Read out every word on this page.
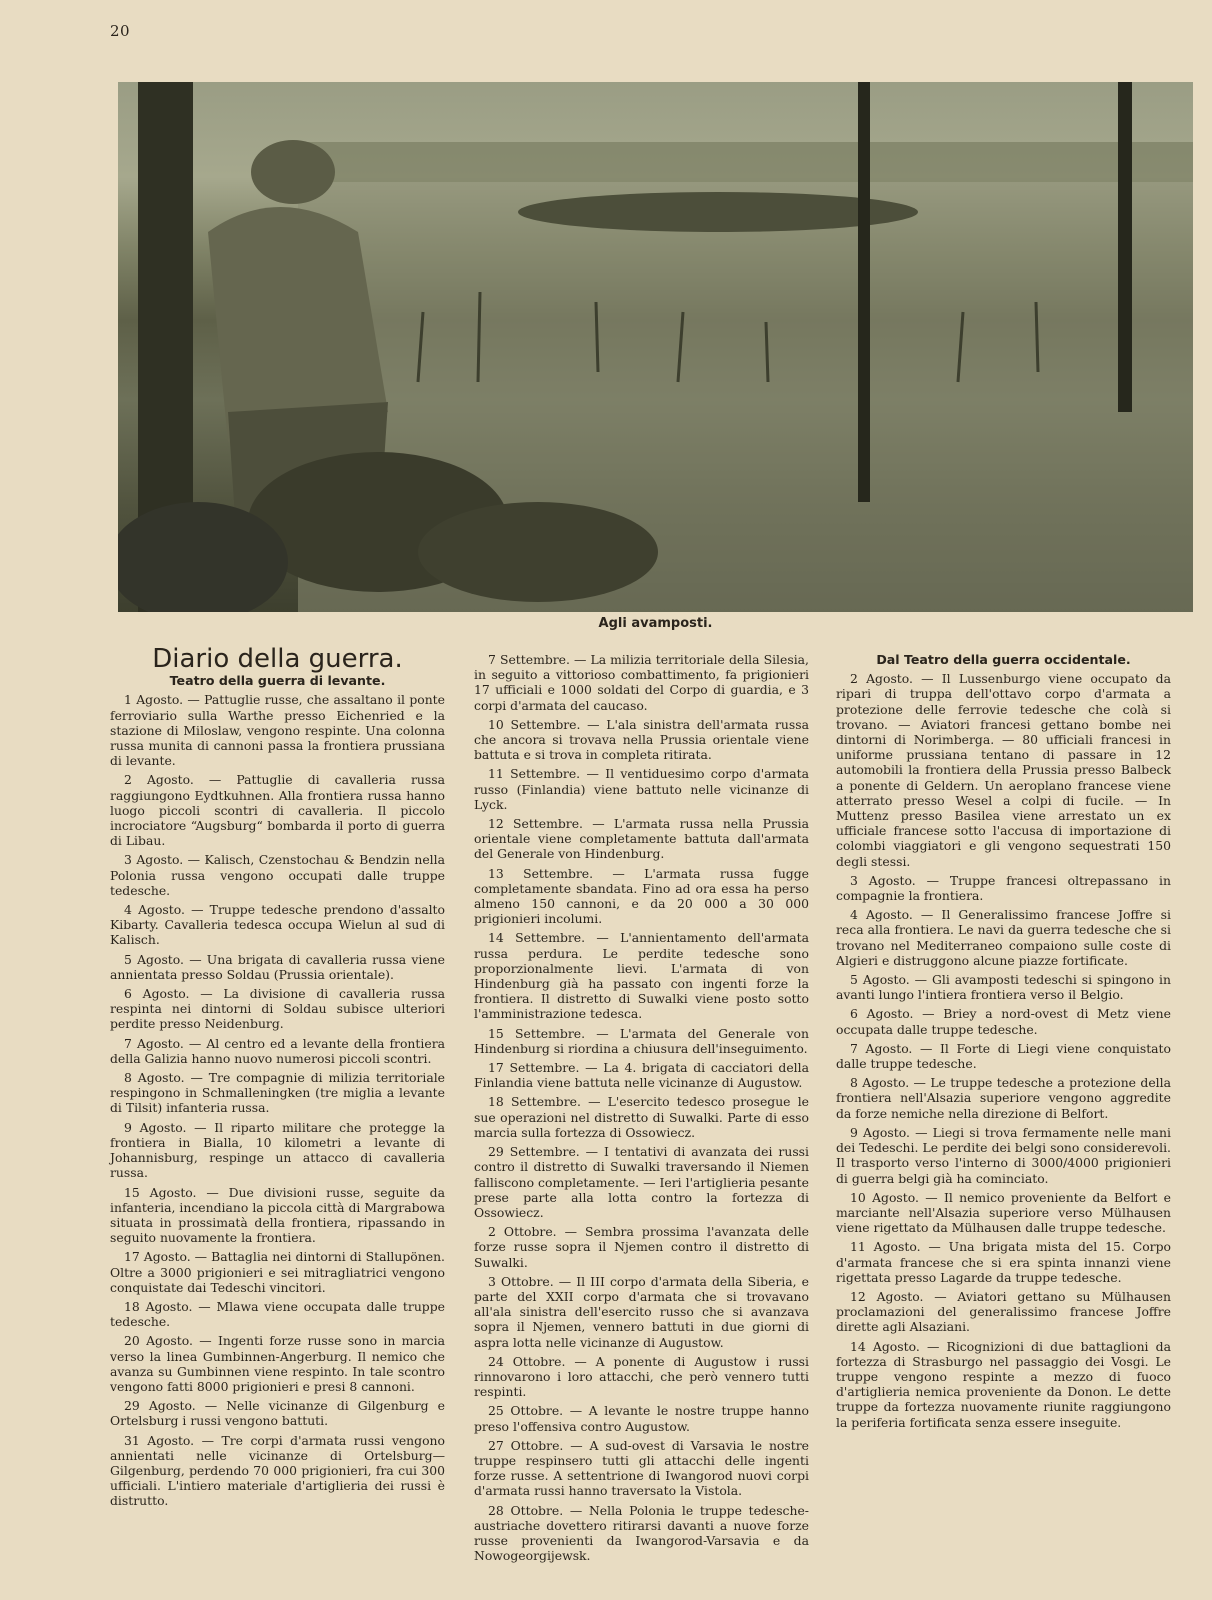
20
Agli avamposti.
Diario della guerra.
Teatro della guerra di levante.

1 Agosto. — Pattuglie russe, che assaltano il ponte ferroviario sulla Warthe presso Eichenried e la stazione di Miloslaw, vengono respinte. Una colonna russa munita di cannoni passa la frontiera prussiana di levante.

2 Agosto. — Pattuglie di cavalleria russa raggiungono Eydtkuhnen. Alla frontiera russa hanno luogo piccoli scontri di cavalleria. Il piccolo incrociatore “Augsburg“ bombarda il porto di guerra di Libau.

3 Agosto. — Kalisch, Czenstochau & Bendzin nella Polonia russa vengono occupati dalle truppe tedesche.

4 Agosto. — Truppe tedesche prendono d'assalto Kibarty. Cavalleria tedesca occupa Wielun al sud di Kalisch.

5 Agosto. — Una brigata di cavalleria russa viene annientata presso Soldau (Prussia orientale).

6 Agosto. — La divisione di cavalleria russa respinta nei dintorni di Soldau subisce ulteriori perdite presso Neidenburg.

7 Agosto. — Al centro ed a levante della frontiera della Galizia hanno nuovo numerosi piccoli scontri.

8 Agosto. — Tre compagnie di milizia territoriale respingono in Schmalleningken (tre miglia a levante di Tilsit) infanteria russa.

9 Agosto. — Il riparto militare che protegge la frontiera in Bialla, 10 kilometri a levante di Johannisburg, respinge un attacco di cavalleria russa.

15 Agosto. — Due divisioni russe, seguite da infanteria, incendiano la piccola città di Margrabowa situata in prossimatà della frontiera, ripassando in seguito nuovamente la frontiera.

17 Agosto. — Battaglia nei dintorni di Stallupönen. Oltre a 3000 prigionieri e sei mitragliatrici vengono conquistate dai Tedeschi vincitori.

18 Agosto. — Mlawa viene occupata dalle truppe tedesche.

20 Agosto. — Ingenti forze russe sono in marcia verso la linea Gumbinnen-Angerburg. Il nemico che avanza su Gumbinnen viene respinto. In tale scontro vengono fatti 8000 prigionieri e presi 8 cannoni.

29 Agosto. — Nelle vicinanze di Gilgenburg e Ortelsburg i russi vengono battuti.

31 Agosto. — Tre corpi d'armata russi vengono annientati nelle vicinanze di Ortelsburg—Gilgenburg, perdendo 70 000 prigionieri, fra cui 300 ufficiali. L'intiero materiale d'artiglieria dei russi è distrutto.

7 Settembre. — La milizia territoriale della Silesia, in seguito a vittorioso combattimento, fa prigionieri 17 ufficiali e 1000 soldati del Corpo di guardia, e 3 corpi d'armata del caucaso.

10 Settembre. — L'ala sinistra dell'armata russa che ancora si trovava nella Prussia orientale viene battuta e si trova in completa ritirata.

11 Settembre. — Il ventiduesimo corpo d'armata russo (Finlandia) viene battuto nelle vicinanze di Lyck.

12 Settembre. — L'armata russa nella Prussia orientale viene completamente battuta dall'armata del Generale von Hindenburg.

13 Settembre. — L'armata russa fugge completamente sbandata. Fino ad ora essa ha perso almeno 150 cannoni, e da 20 000 a 30 000 prigionieri incolumi.

14 Settembre. — L'annientamento dell'armata russa perdura. Le perdite tedesche sono proporzionalmente lievi. L'armata di von Hindenburg già ha passato con ingenti forze la frontiera. Il distretto di Suwalki viene posto sotto l'amministrazione tedesca.

15 Settembre. — L'armata del Generale von Hindenburg si riordina a chiusura dell'inseguimento.

17 Settembre. — La 4. brigata di cacciatori della Finlandia viene battuta nelle vicinanze di Augustow.

18 Settembre. — L'esercito tedesco prosegue le sue operazioni nel distretto di Suwalki. Parte di esso marcia sulla fortezza di Ossowiecz.

29 Settembre. — I tentativi di avanzata dei russi contro il distretto di Suwalki traversando il Niemen falliscono completamente. — Ieri l'artiglieria pesante prese parte alla lotta contro la fortezza di Ossowiecz.

2 Ottobre. — Sembra prossima l'avanzata delle forze russe sopra il Njemen contro il distretto di Suwalki.

3 Ottobre. — Il III corpo d'armata della Siberia, e parte del XXII corpo d'armata che si trovavano all'ala sinistra dell'esercito russo che si avanzava sopra il Njemen, vennero battuti in due giorni di aspra lotta nelle vicinanze di Augustow.

24 Ottobre. — A ponente di Augustow i russi rinnovarono i loro attacchi, che però vennero tutti respinti.

25 Ottobre. — A levante le nostre truppe hanno preso l'offensiva contro Augustow.

27 Ottobre. — A sud-ovest di Varsavia le nostre truppe respinsero tutti gli attacchi delle ingenti forze russe. A settentrione di Iwangorod nuovi corpi d'armata russi hanno traversato la Vistola.

28 Ottobre. — Nella Polonia le truppe tedesche-austriache dovettero ritirarsi davanti a nuove forze russe provenienti da Iwangorod-Varsavia e da Nowogeorgijewsk.

Dal Teatro della guerra occidentale.

2 Agosto. — Il Lussenburgo viene occupato da ripari di truppa dell'ottavo corpo d'armata a protezione delle ferrovie tedesche che colà si trovano. — Aviatori francesi gettano bombe nei dintorni di Norimberga. — 80 ufficiali francesi in uniforme prussiana tentano di passare in 12 automobili la frontiera della Prussia presso Balbeck a ponente di Geldern. Un aeroplano francese viene atterrato presso Wesel a colpi di fucile. — In Muttenz presso Basilea viene arrestato un ex ufficiale francese sotto l'accusa di importazione di colombi viaggiatori e gli vengono sequestrati 150 degli stessi.

3 Agosto. — Truppe francesi oltrepassano in compagnie la frontiera.

4 Agosto. — Il Generalissimo francese Joffre si reca alla frontiera. Le navi da guerra tedesche che si trovano nel Mediterraneo compaiono sulle coste di Algieri e distruggono alcune piazze fortificate.

5 Agosto. — Gli avamposti tedeschi si spingono in avanti lungo l'intiera frontiera verso il Belgio.

6 Agosto. — Briey a nord-ovest di Metz viene occupata dalle truppe tedesche.

7 Agosto. — Il Forte di Liegi viene conquistato dalle truppe tedesche.

8 Agosto. — Le truppe tedesche a protezione della frontiera nell'Alsazia superiore vengono aggredite da forze nemiche nella direzione di Belfort.

9 Agosto. — Liegi si trova fermamente nelle mani dei Tedeschi. Le perdite dei belgi sono considerevoli. Il trasporto verso l'interno di 3000/4000 prigionieri di guerra belgi già ha cominciato.

10 Agosto. — Il nemico proveniente da Belfort e marciante nell'Alsazia superiore verso Mülhausen viene rigettato da Mülhausen dalle truppe tedesche.

11 Agosto. — Una brigata mista del 15. Corpo d'armata francese che si era spinta innanzi viene rigettata presso Lagarde da truppe tedesche.

12 Agosto. — Aviatori gettano su Mülhausen proclamazioni del generalissimo francese Joffre dirette agli Alsaziani.

14 Agosto. — Ricognizioni di due battaglioni da fortezza di Strasburgo nel passaggio dei Vosgi. Le truppe vengono respinte a mezzo di fuoco d'artiglieria nemica proveniente da Donon. Le dette truppe da fortezza nuovamente riunite raggiungono la periferia fortificata senza essere inseguite.
